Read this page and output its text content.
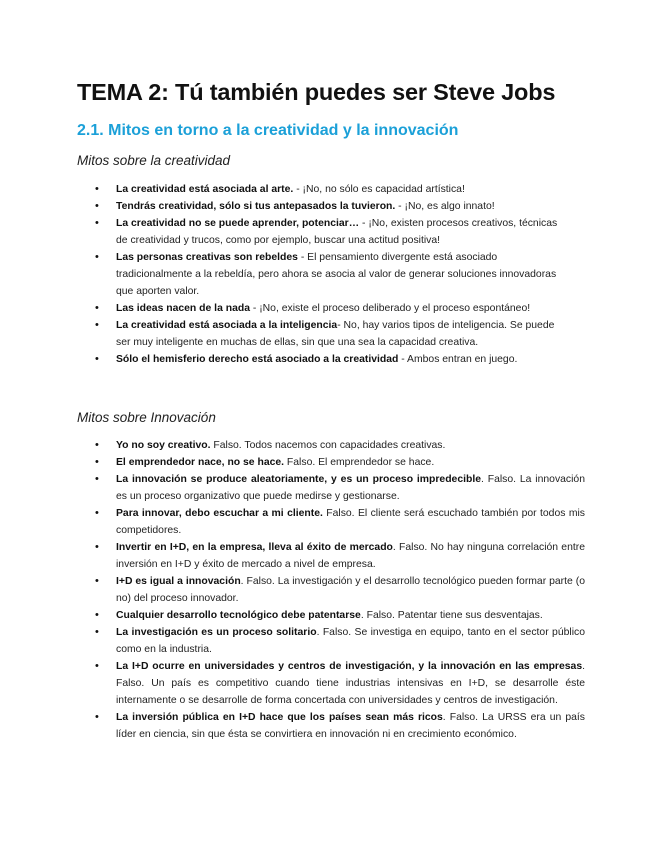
TEMA 2: Tú también puedes ser Steve Jobs
2.1. Mitos en torno a la creatividad y la innovación
Mitos sobre la creatividad
• La creatividad está asociada al arte. - ¡No, no sólo es capacidad artística!
• Tendrás creatividad, sólo si tus antepasados la tuvieron. - ¡No, es algo innato!
• La creatividad no se puede aprender, potenciar… - ¡No, existen procesos creativos, técnicas de creatividad y trucos, como por ejemplo, buscar una actitud positiva!
• Las personas creativas son rebeldes - El pensamiento divergente está asociado tradicionalmente a la rebeldía, pero ahora se asocia al valor de generar soluciones innovadoras que aporten valor.
• Las ideas nacen de la nada - ¡No, existe el proceso deliberado y el proceso espontáneo!
• La creatividad está asociada a la inteligencia- No, hay varios tipos de inteligencia. Se puede ser muy inteligente en muchas de ellas, sin que una sea la capacidad creativa.
• Sólo el hemisferio derecho está asociado a la creatividad - Ambos entran en juego.
Mitos sobre Innovación
• Yo no soy creativo. Falso. Todos nacemos con capacidades creativas.
• El emprendedor nace, no se hace. Falso. El emprendedor se hace.
• La innovación se produce aleatoriamente, y es un proceso impredecible. Falso. La innovación es un proceso organizativo que puede medirse y gestionarse.
• Para innovar, debo escuchar a mi cliente. Falso. El cliente será escuchado también por todos mis competidores.
• Invertir en I+D, en la empresa, lleva al éxito de mercado. Falso. No hay ninguna correlación entre inversión en I+D y éxito de mercado a nivel de empresa.
• I+D es igual a innovación. Falso. La investigación y el desarrollo tecnológico pueden formar parte (o no) del proceso innovador.
• Cualquier desarrollo tecnológico debe patentarse. Falso. Patentar tiene sus desventajas.
• La investigación es un proceso solitario. Falso. Se investiga en equipo, tanto en el sector público como en la industria.
• La I+D ocurre en universidades y centros de investigación, y la innovación en las empresas. Falso. Un país es competitivo cuando tiene industrias intensivas en I+D, se desarrolle éste internamente o se desarrolle de forma concertada con universidades y centros de investigación.
• La inversión pública en I+D hace que los países sean más ricos. Falso. La URSS era un país líder en ciencia, sin que ésta se convirtiera en innovación ni en crecimiento económico.
